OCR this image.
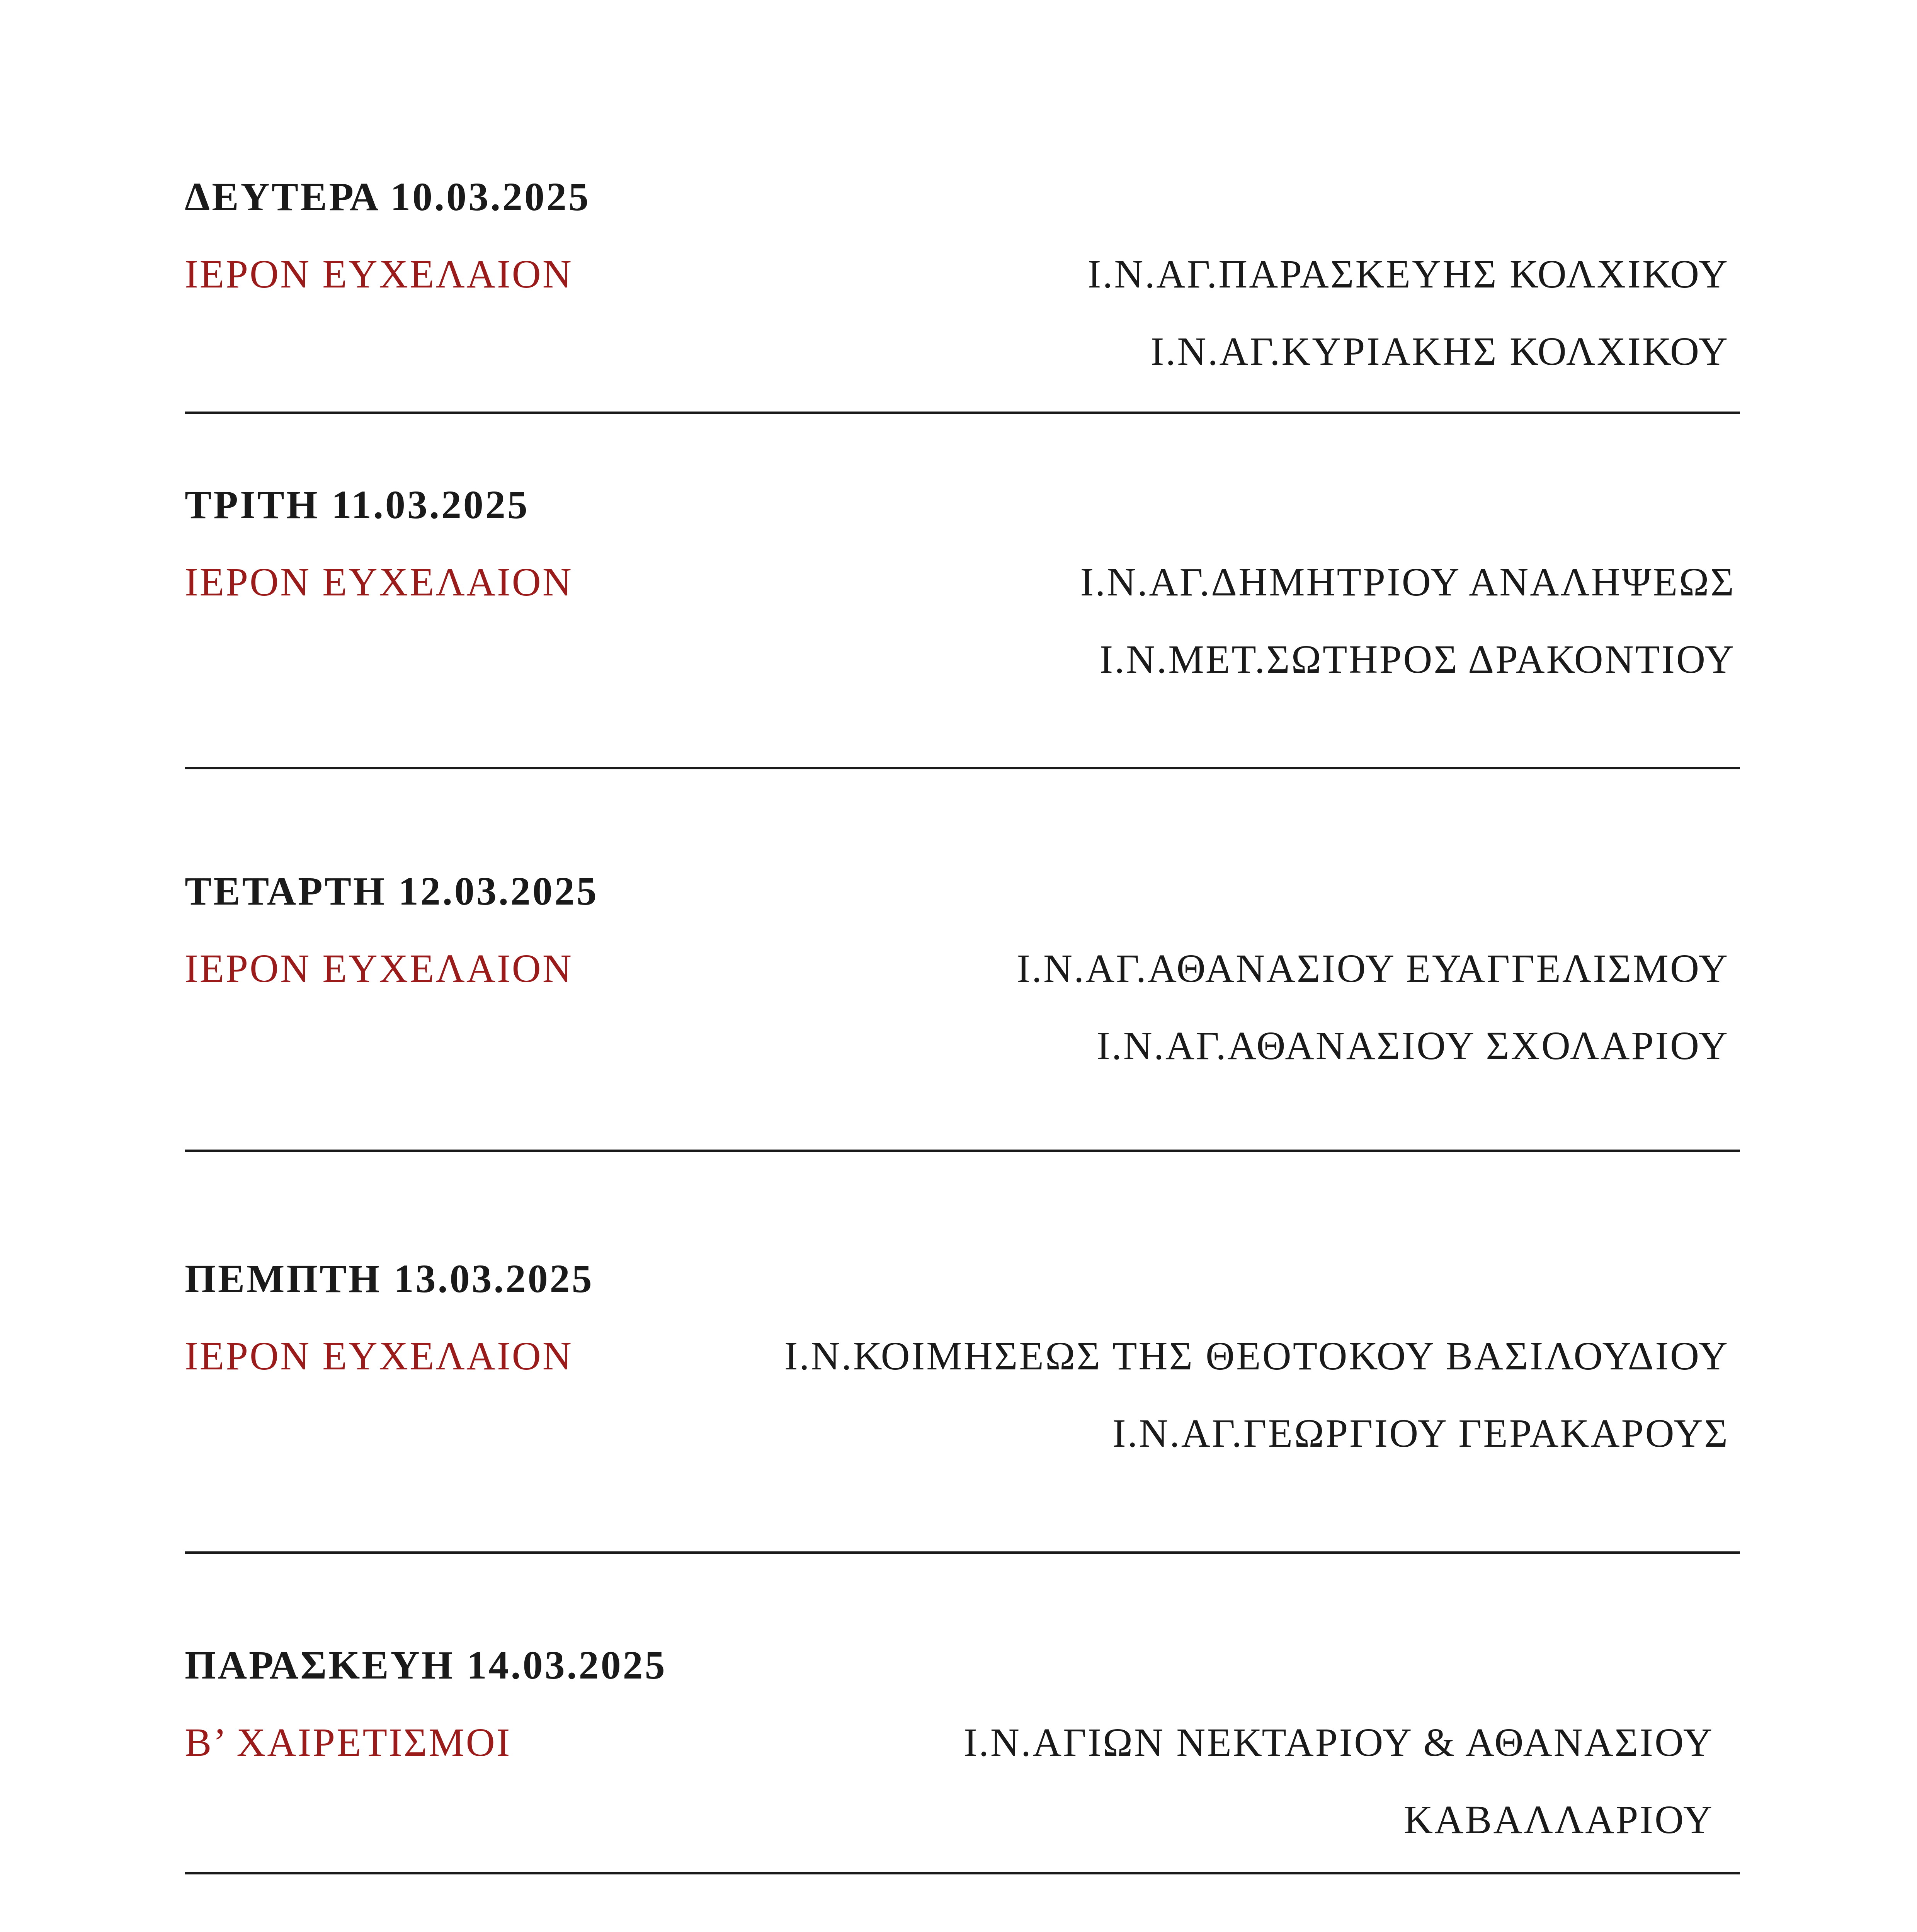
ΔΕΥΤΕΡΑ 10.03.2025
ΙΕΡΟΝ ΕΥΧΕΛΑΙΟΝ	Ι.Ν.ΑΓ.ΠΑΡΑΣΚΕΥΗΣ ΚΟΛΧΙΚΟΥ
Ι.Ν.ΑΓ.ΚΥΡΙΑΚΗΣ ΚΟΛΧΙΚΟΥ
ΤΡΙΤΗ 11.03.2025
ΙΕΡΟΝ ΕΥΧΕΛΑΙΟΝ	Ι.Ν.ΑΓ.ΔΗΜΗΤΡΙΟΥ ΑΝΑΛΗΨΕΩΣ
Ι.Ν.ΜΕΤ.ΣΩΤΗΡΟΣ ΔΡΑΚΟΝΤΙΟΥ
ΤΕΤΑΡΤΗ 12.03.2025
ΙΕΡΟΝ ΕΥΧΕΛΑΙΟΝ	Ι.Ν.ΑΓ.ΑΘΑΝΑΣΙΟΥ ΕΥΑΓΓΕΛΙΣΜΟΥ
Ι.Ν.ΑΓ.ΑΘΑΝΑΣΙΟΥ ΣΧΟΛΑΡΙΟΥ
ΠΕΜΠΤΗ 13.03.2025
ΙΕΡΟΝ ΕΥΧΕΛΑΙΟΝ	Ι.Ν.ΚΟΙΜΗΣΕΩΣ ΤΗΣ ΘΕΟΤΟΚΟΥ ΒΑΣΙΛΟΥΔΙΟΥ
Ι.Ν.ΑΓ.ΓΕΩΡΓΙΟΥ ΓΕΡΑΚΑΡΟΥΣ
ΠΑΡΑΣΚΕΥΗ 14.03.2025
Β’ ΧΑΙΡΕΤΙΣΜΟΙ	Ι.Ν.ΑΓΙΩΝ ΝΕΚΤΑΡΙΟΥ & ΑΘΑΝΑΣΙΟΥ
ΚΑΒΑΛΛΑΡΙΟΥ
